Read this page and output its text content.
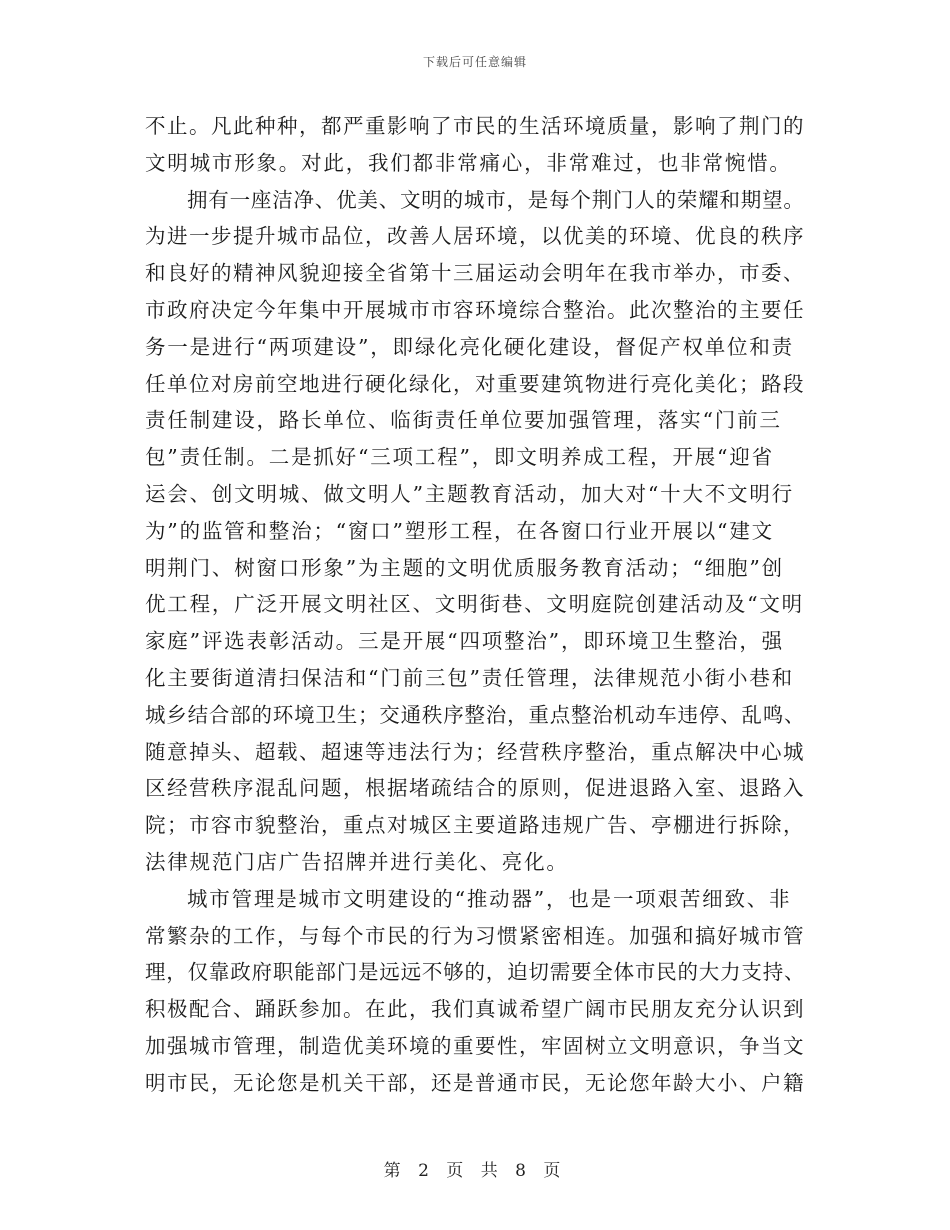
下载后可任意编辑
不止。凡此种种，都严重影响了市民的生活环境质量，影响了荆门的
文明城市形象。对此，我们都非常痛心，非常难过，也非常惋惜。
拥有一座洁净、优美、文明的城市，是每个荆门人的荣耀和期望。
为进一步提升城市品位，改善人居环境，以优美的环境、优良的秩序
和良好的精神风貌迎接全省第十三届运动会明年在我市举办，市委、
市政府决定今年集中开展城市市容环境综合整治。此次整治的主要任
务一是进行“两项建设”，即绿化亮化硬化建设，督促产权单位和责
任单位对房前空地进行硬化绿化，对重要建筑物进行亮化美化；路段
责任制建设，路长单位、临街责任单位要加强管理，落实“门前三
包”责任制。二是抓好“三项工程”，即文明养成工程，开展“迎省
运会、创文明城、做文明人”主题教育活动，加大对“十大不文明行
为”的监管和整治；“窗口”塑形工程，在各窗口行业开展以“建文
明荆门、树窗口形象”为主题的文明优质服务教育活动；“细胞”创
优工程，广泛开展文明社区、文明街巷、文明庭院创建活动及“文明
家庭”评选表彰活动。三是开展“四项整治”，即环境卫生整治，强
化主要街道清扫保洁和“门前三包”责任管理，法律规范小街小巷和
城乡结合部的环境卫生；交通秩序整治，重点整治机动车违停、乱鸣、
随意掉头、超载、超速等违法行为；经营秩序整治，重点解决中心城
区经营秩序混乱问题，根据堵疏结合的原则，促进退路入室、退路入
院；市容市貌整治，重点对城区主要道路违规广告、亭棚进行拆除，
法律规范门店广告招牌并进行美化、亮化。
城市管理是城市文明建设的“推动器”，也是一项艰苦细致、非
常繁杂的工作，与每个市民的行为习惯紧密相连。加强和搞好城市管
理，仅靠政府职能部门是远远不够的，迫切需要全体市民的大力支持、
积极配合、踊跃参加。在此，我们真诚希望广阔市民朋友充分认识到
加强城市管理，制造优美环境的重要性，牢固树立文明意识，争当文
明市民，无论您是机关干部，还是普通市民，无论您年龄大小、户籍
第 2 页 共 8 页
